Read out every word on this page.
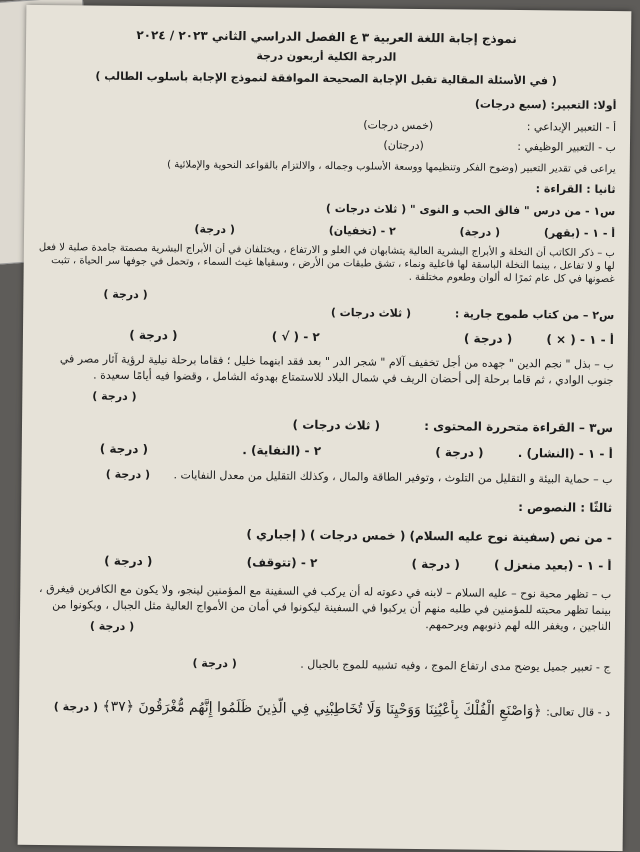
نموذج إجابة اللغة العربية ٣ ع الفصل الدراسي الثاني ٢٠٢٣ / ٢٠٢٤
الدرجة الكلية أربعون درجة
( في الأسئلة المقالية تقبل الإجابة الصحيحة الموافقة لنموذج الإجابة بأسلوب الطالب )
أولا: التعبير: (سبع درجات)
أ - التعبير الإبداعي : (خمس درجات)
ب - التعبير الوظيفي : (درجتان)
يراعى في تقدير التعبير (وضوح الفكر وتنظيمها ووسعة الأسلوب وجماله ، والالتزام بالقواعد النحوية والإملائية )
ثانيا : القراءة :
س١ - من درس " فالق الحب و النوى " ( ثلاث درجات )
أ - ١ - (بقهر) ( درجة) ٢ - (تخفيان) ( درجة)
ب – ذكر الكاتب أن النخلة و الأبراج البشرية العالية يتشابهان في العلو و الارتفاع ، ويختلفان في أن الأبراج البشرية مصمتة جامدة صلبة لا فعل لها و لا تفاعل ، بينما النخلة الباسقة لها فاعلية ونماء ، تشق طبقات من الأرض ، وسقياها غيث السماء ، وتحمل في جوفها سر الحياة ، تثبت غصونها في كل عام ثمرًا له ألوان وطعوم مختلفة .
( درجة )
س٢ – من كتاب طموح جارية : ( ثلاث درجات )
أ - ١ - ( × ) ( درجة ) ٢ - ( √ ) ( درجة )
ب – بذل " نجم الدين " جهده من أجل تخفيف آلام " شجر الدر " بعد فقد ابنهما خليل ؛ فقاما برحلة نيلية لرؤية آثار مصر في جنوب الوادي ، ثم قاما برحلة إلى أحضان الريف في شمال البلاد للاستمتاع بهدوئه الشامل ، وقضوا فيه أيامًا سعيدة .
( درجة )
س٣ – القراءة متحررة المحتوى : ( ثلاث درجات )
أ - ١ - (النشار) . ( درجة ) ٢ - (النفاية) . ( درجة )
ب – حماية البيئة و التقليل من التلوث ، وتوفير الطاقة والمال ، وكذلك التقليل من معدل النفايات . ( درجة )
ثالثًا : النصوص :
- من نص (سفينة نوح عليه السلام) ( خمس درجات ) ( إجباري )
أ - ١ - (بعيد منعزل ) ( درجة ) ٢ - (تتوقف) ( درجة )
ب – تظهر محبة نوح – عليه السلام – لابنه في دعوته له أن يركب في السفينة مع المؤمنين لينجو، ولا يكون مع الكافرين فيغرق ، بينما تظهر محبته للمؤمنين في طلبه منهم أن يركبوا في السفينة ليكونوا في أمان من الأمواج العالية مثل الجبال ، ويكونوا من الناجين ، ويغفر الله لهم ذنوبهم ويرحمهم.
( درجة )
ج - تعبير جميل يوضح مدى ارتفاع الموج ، وفيه تشبيه للموج بالجبال . ( درجة )
د - قال تعالى: ﴿وَاصْنَعِ الْفُلْكَ بِأَعْيُنِنَا وَوَحْيِنَا وَلَا تُخَاطِبْنِي فِي الَّذِينَ ظَلَمُوا إِنَّهُم مُّغْرَقُونَ ﴿٣٧﴾ ( درجة )
